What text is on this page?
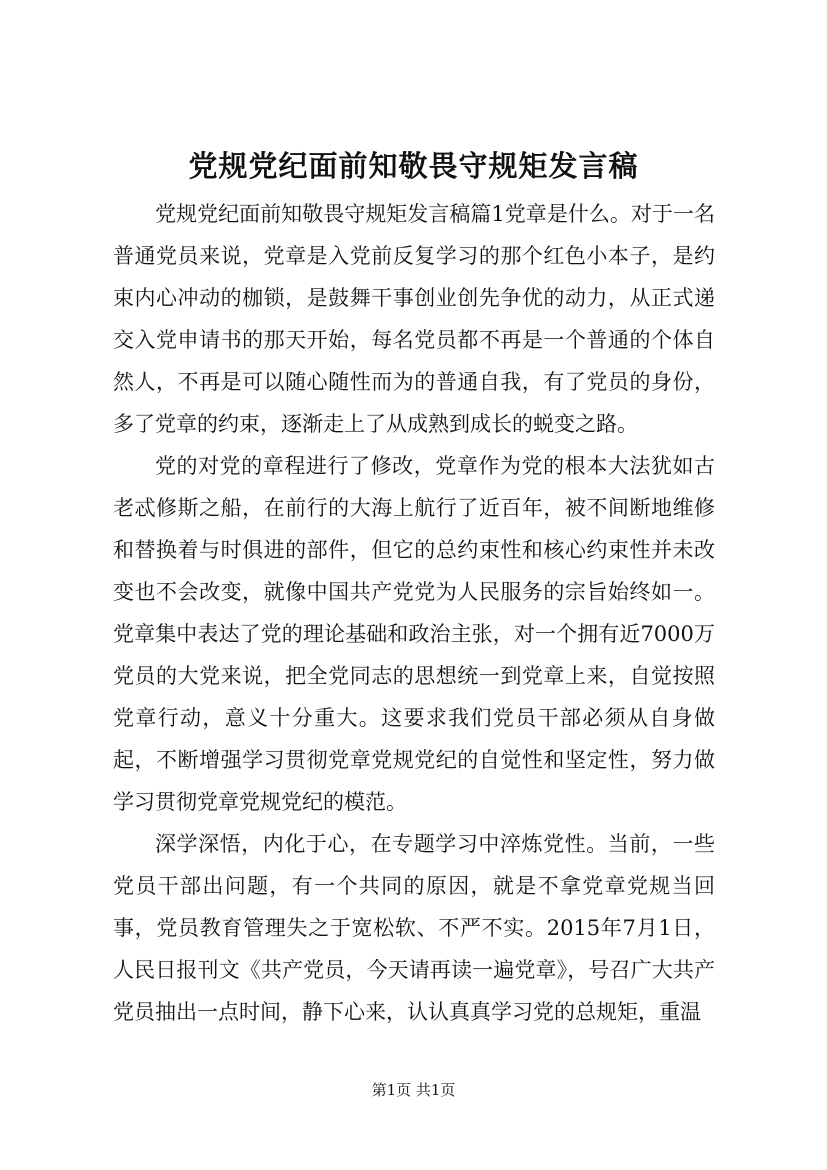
党规党纪面前知敬畏守规矩发言稿

党规党纪面前知敬畏守规矩发言稿篇1党章是什么。对于一名普通党员来说，党章是入党前反复学习的那个红色小本子，是约束内心冲动的枷锁，是鼓舞干事创业创先争优的动力，从正式递交入党申请书的那天开始，每名党员都不再是一个普通的个体自然人，不再是可以随心随性而为的普通自我，有了党员的身份，多了党章的约束，逐渐走上了从成熟到成长的蜕变之路。

党的对党的章程进行了修改，党章作为党的根本大法犹如古老忒修斯之船，在前行的大海上航行了近百年，被不间断地维修和替换着与时俱进的部件，但它的总约束性和核心约束性并未改变也不会改变，就像中国共产党党为人民服务的宗旨始终如一。党章集中表达了党的理论基础和政治主张，对一个拥有近7000万党员的大党来说，把全党同志的思想统一到党章上来，自觉按照党章行动，意义十分重大。这要求我们党员干部必须从自身做起，不断增强学习贯彻党章党规党纪的自觉性和坚定性，努力做学习贯彻党章党规党纪的模范。

深学深悟，内化于心，在专题学习中淬炼党性。当前，一些党员干部出问题，有一个共同的原因，就是不拿党章党规当回事，党员教育管理失之于宽松软、不严不实。2015年7月1日，人民日报刊文《共产党员，今天请再读一遍党章》，号召广大共产党员抽出一点时间，静下心来，认认真真学习党的总规矩，重温

第1页 共1页
